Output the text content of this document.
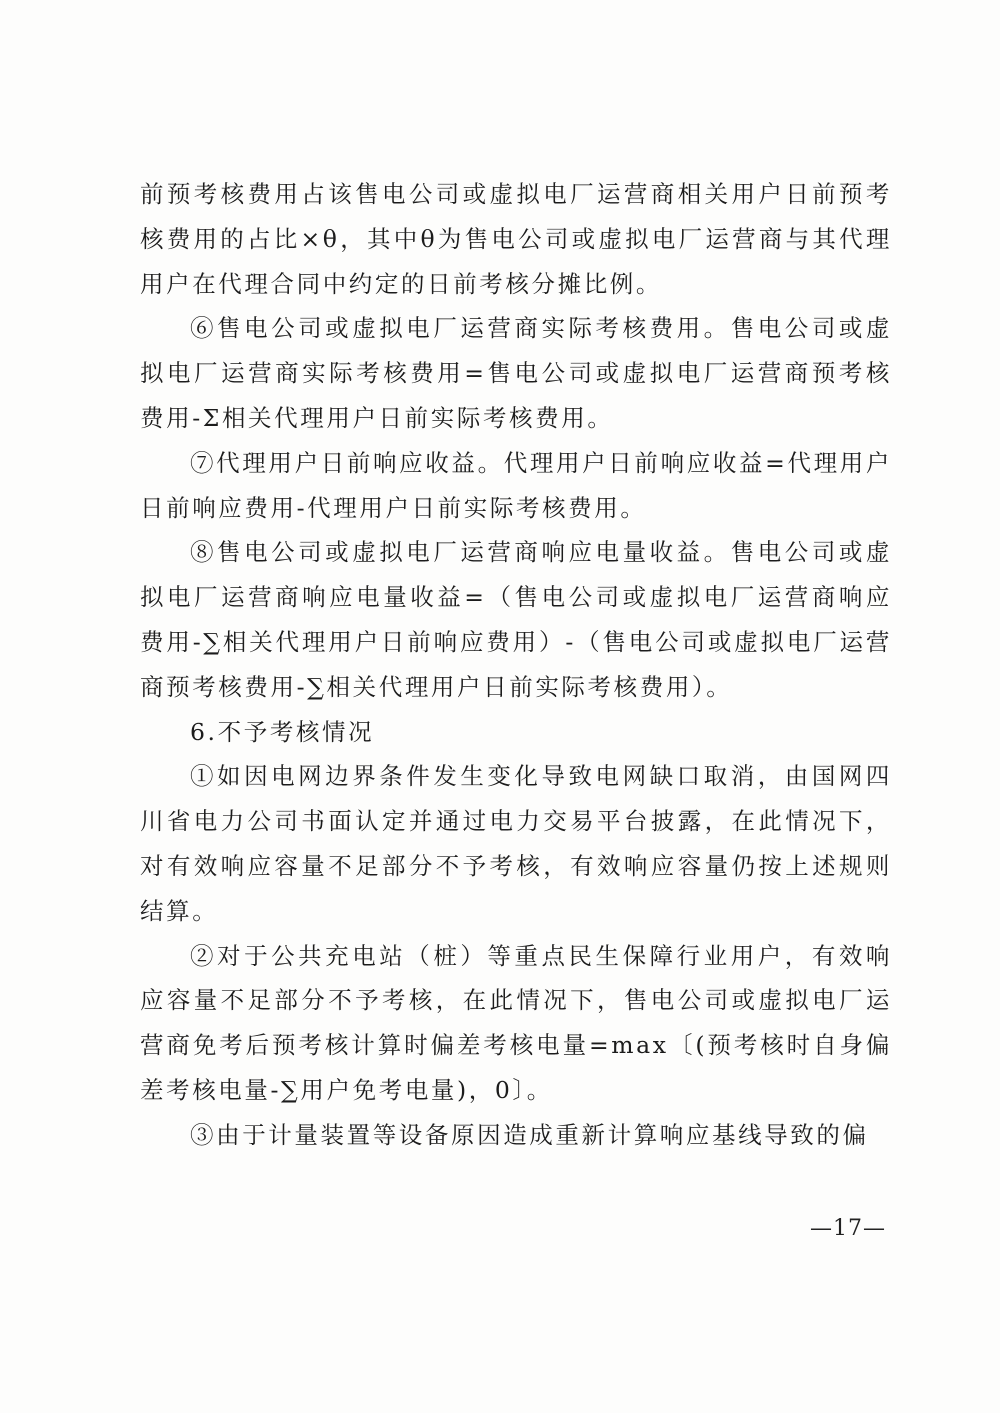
前预考核费用占该售电公司或虚拟电厂运营商相关用户日前预考核费用的占比×θ，其中θ为售电公司或虚拟电厂运营商与其代理用户在代理合同中约定的日前考核分摊比例。

⑥售电公司或虚拟电厂运营商实际考核费用。售电公司或虚拟电厂运营商实际考核费用=售电公司或虚拟电厂运营商预考核费用-Σ相关代理用户日前实际考核费用。

⑦代理用户日前响应收益。代理用户日前响应收益=代理用户日前响应费用-代理用户日前实际考核费用。

⑧售电公司或虚拟电厂运营商响应电量收益。售电公司或虚拟电厂运营商响应电量收益=（售电公司或虚拟电厂运营商响应费用-∑相关代理用户日前响应费用）-（售电公司或虚拟电厂运营商预考核费用-∑相关代理用户日前实际考核费用）。

6.不予考核情况

①如因电网边界条件发生变化导致电网缺口取消，由国网四川省电力公司书面认定并通过电力交易平台披露，在此情况下，对有效响应容量不足部分不予考核，有效响应容量仍按上述规则结算。

②对于公共充电站（桩）等重点民生保障行业用户，有效响应容量不足部分不予考核，在此情况下，售电公司或虚拟电厂运营商免考后预考核计算时偏差考核电量=max〔(预考核时自身偏差考核电量-∑用户免考电量)，0〕。

③由于计量装置等设备原因造成重新计算响应基线导致的偏

—17—
